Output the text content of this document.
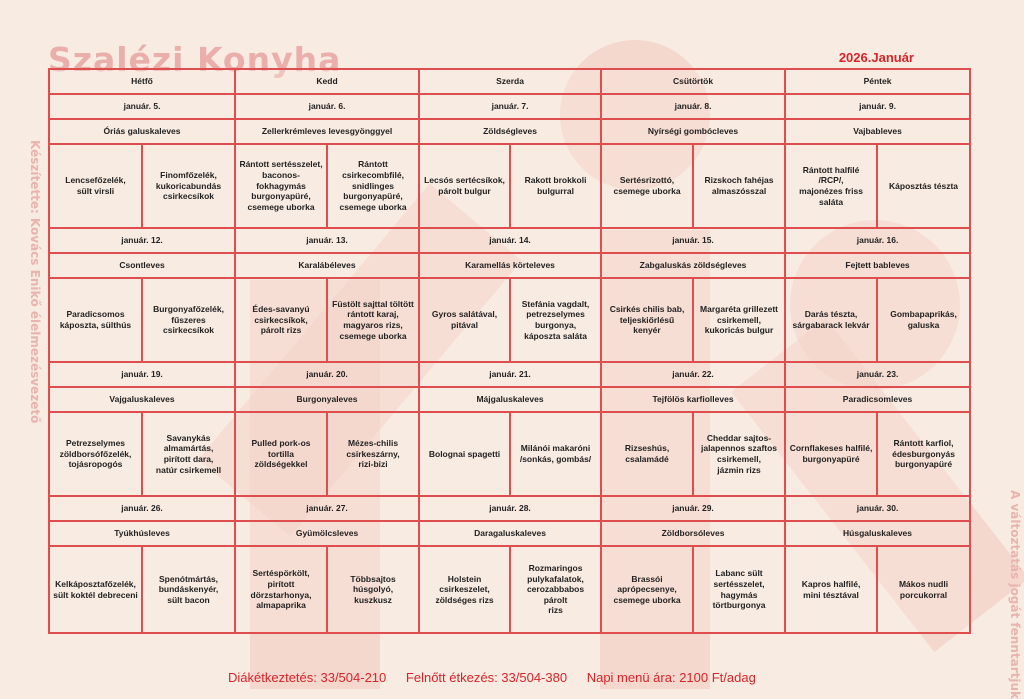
Szalézi Konyha	2026.Január
Készítette: Kovács Enikő élelmezésvezető
A változtatás jogát fenntartjuk
Hétfő		Kedd		Szerda		Csütörtök		Péntek	
január. 5.		január. 6.		január. 7.		január. 8.		január. 9.	
Óriás galuskaleves		Zellerkrémleves levesgyönggyel		Zöldségleves		Nyírségi gombócleves		Vajbableves	
Lencsefőzelék,
sült virsli	Finomfőzelék,
kukoricabundás
csirkecsíkok	Rántott sertésszelet,
baconos-fokhagymás
burgonyapüré,
csemege uborka	Rántott csirkecombfilé,
snidlinges
burgonyapüré,
csemege uborka	Lecsós sertécsíkok,
párolt bulgur	Rakott brokkoli
bulgurral	Sertésrizottó,
csemege uborka	Rizskoch fahéjas
almaszósszal	Rántott halfilé /RCP/,
majonézes friss saláta	Káposztás tészta
január. 12.		január. 13.		január. 14.		január. 15.		január. 16.	
Csontleves		Karalábéleves		Karamellás körteleves		Zabgaluskás zöldségleves		Fejtett bableves	
Paradicsomos
káposzta, sülthús	Burgonyafőzelék,
fűszeres csirkecsíkok	Édes-savanyú
csirkecsíkok,
párolt rizs	Füstölt sajttal töltött
rántott karaj,
magyaros rizs,
csemege uborka	Gyros salátával,
pitával	Stefánia vagdalt,
petrezselymes
burgonya,
káposzta saláta	Csirkés chilis bab,
teljeskiőrlésű kenyér	Margaréta grillezett
csirkemell,
kukoricás bulgur	Darás tészta,
sárgabarack lekvár	Gombapaprikás,
galuska
január. 19.		január. 20.		január. 21.		január. 22.		január. 23.	
Vajgaluskaleves		Burgonyaleves		Májgaluskaleves		Tejfölös karfiolleves		Paradicsomleves	
Petrezselymes
zöldborsófőzelék,
tojásropogós	Savanykás
almamártás,
pirított dara,
natúr csirkemell	Pulled pork-os tortilla
zöldségekkel	Mézes-chilis
csirkeszárny,
rizi-bizi	Bolognai spagetti	Milánói makaróni
/sonkás, gombás/	Rizseshús,
csalamádé	Cheddar sajtos-
jalapennos szaftos
csirkemell,
jázmin rizs	Cornflakeses halfilé,
burgonyapüré	Rántott karfiol,
édesburgonyás
burgonyapüré
január. 26.		január. 27.		január. 28.		január. 29.		január. 30.	
Tyúkhúsleves		Gyümölcsleves		Daragaluskaleves		Zöldborsóleves		Húsgaluskaleves	
Kelkáposztafőzelék,
sült koktél debreceni	Spenótmártás,
bundáskenyér,
sült bacon	Sertéspörkölt,
pirított dörzstarhonya,
almapaprika	Többsajtos húsgolyó,
kuszkusz	Holstein csirkeszelet,
zöldséges rizs	Rozmaringos
pulykafalatok,
cerozabbabos párolt
rizs	Brassói aprópecsenye,
csemege uborka	Labanc sült
sertésszelet,
hagymás törtburgonya	Kapros halfilé,
mini tésztával	Mákos nudli
porcukorral
Diákétkeztetés: 33/504-210 Felnőtt étkezés: 33/504-380 Napi menü ára: 2100 Ft/adag
